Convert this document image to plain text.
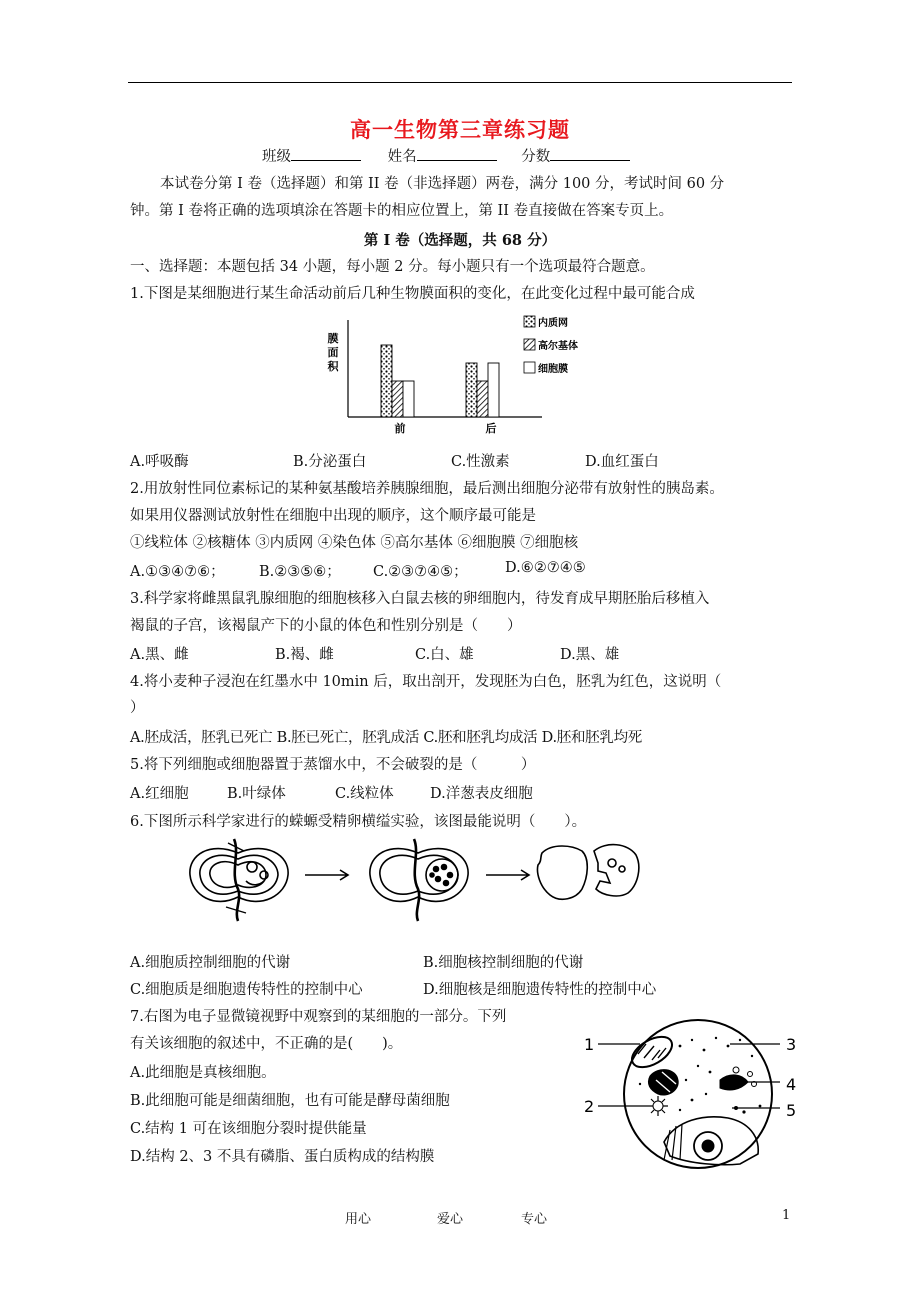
高一生物第三章练习题
班级	姓名	分数
本试卷分第 I 卷（选择题）和第 II 卷（非选择题）两卷，满分 100 分，考试时间 60 分
钟。第 I 卷将正确的选项填涂在答题卡的相应位置上，第 II 卷直接做在答案专页上。
第 I 卷（选择题，共 68 分）
一、选择题：本题包括 34 小题，每小题 2 分。每小题只有一个选项最符合题意。
1.下图是某细胞进行某生命活动前后几种生物膜面积的变化，在此变化过程中最可能合成
膜
面
积
前	后
内质网
高尔基体
细胞膜
A.呼吸酶	B.分泌蛋白	C.性激素	D.血红蛋白
2.用放射性同位素标记的某种氨基酸培养胰腺细胞，最后测出细胞分泌带有放射性的胰岛素。
如果用仪器测试放射性在细胞中出现的顺序，这个顺序最可能是
①线粒体 ②核糖体 ③内质网 ④染色体 ⑤高尔基体 ⑥细胞膜 ⑦细胞核
A.①③④⑦⑥； B.②③⑤⑥； C.②③⑦④⑤；	D.⑥②⑦④⑤
3.科学家将雌黑鼠乳腺细胞的细胞核移入白鼠去核的卵细胞内，待发育成早期胚胎后移植入
褐鼠的子宫，该褐鼠产下的小鼠的体色和性别分别是（　　）
A.黑、雌	B.褐、雌	C.白、雄	D.黑、雄
4.将小麦种子浸泡在红墨水中 10min 后，取出剖开，发现胚为白色，胚乳为红色，这说明（
）
A.胚成活，胚乳已死亡 B.胚已死亡，胚乳成活 C.胚和胚乳均成活 D.胚和胚乳均死
5.将下列细胞或细胞器置于蒸馏水中，不会破裂的是（　　　）
A.红细胞	B.叶绿体	C.线粒体	D.洋葱表皮细胞
6.下图所示科学家进行的蝾螈受精卵横缢实验，该图最能说明（　　）。
A.细胞质控制细胞的代谢	B.细胞核控制细胞的代谢
C.细胞质是细胞遗传特性的控制中心	D.细胞核是细胞遗传特性的控制中心
7.右图为电子显微镜视野中观察到的某细胞的一部分。下列
有关该细胞的叙述中，不正确的是(　　)。
A.此细胞是真核细胞。
B.此细胞可能是细菌细胞，也有可能是酵母菌细胞
C.结构 1 可在该细胞分裂时提供能量
D.结构 2、3 不具有磷脂、蛋白质构成的结构膜
1
2
3
4
5
用心	爱心	专心	1
